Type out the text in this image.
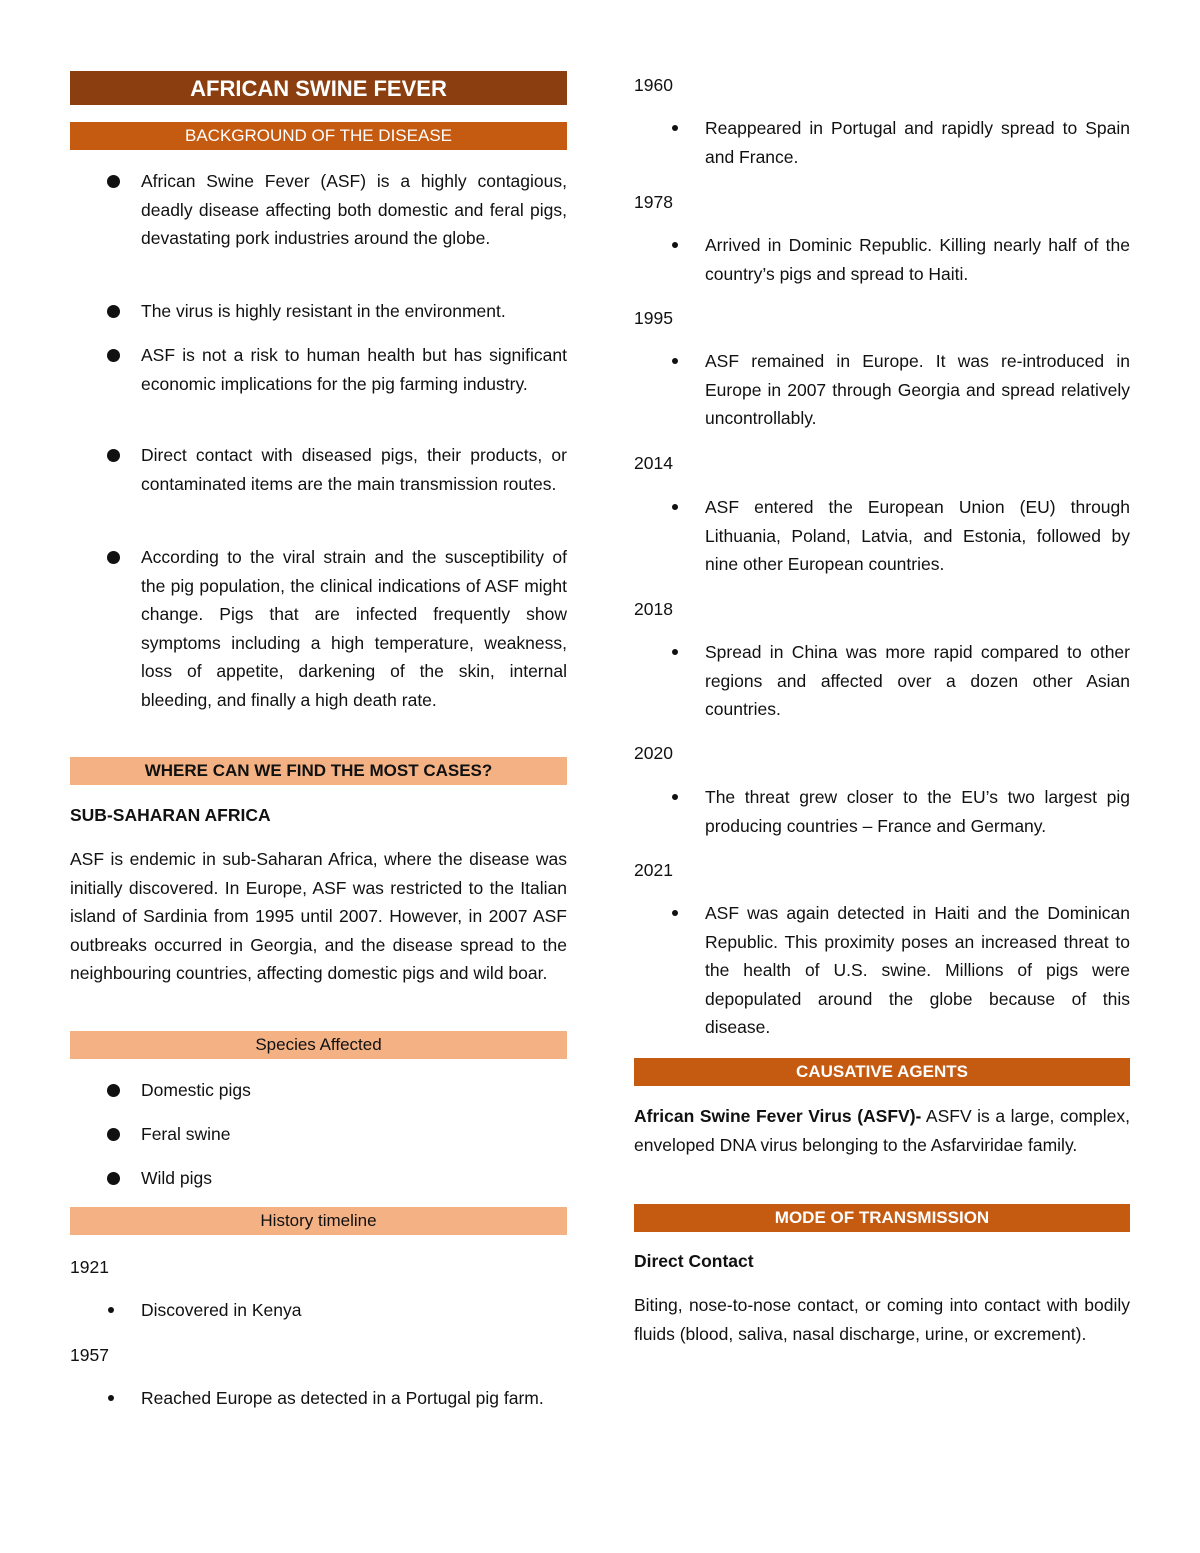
AFRICAN SWINE FEVER
BACKGROUND OF THE DISEASE
African Swine Fever (ASF) is a highly contagious, deadly disease affecting both domestic and feral pigs, devastating pork industries around the globe.
The virus is highly resistant in the environment.
ASF is not a risk to human health but has significant economic implications for the pig farming industry.
Direct contact with diseased pigs, their products, or contaminated items are the main transmission routes.
According to the viral strain and the susceptibility of the pig population, the clinical indications of ASF might change. Pigs that are infected frequently show symptoms including a high temperature, weakness, loss of appetite, darkening of the skin, internal bleeding, and finally a high death rate.
WHERE CAN WE FIND THE MOST CASES?
SUB-SAHARAN AFRICA
ASF is endemic in sub-Saharan Africa, where the disease was initially discovered. In Europe, ASF was restricted to the Italian island of Sardinia from 1995 until 2007. However, in 2007 ASF outbreaks occurred in Georgia, and the disease spread to the neighbouring countries, affecting domestic pigs and wild boar.
Species Affected
Domestic pigs
Feral swine
Wild pigs
History timeline
1921
Discovered in Kenya
1957
Reached Europe as detected in a Portugal pig farm.
1960
Reappeared in Portugal and rapidly spread to Spain and France.
1978
Arrived in Dominic Republic. Killing nearly half of the country’s pigs and spread to Haiti.
1995
ASF remained in Europe. It was re-introduced in Europe in 2007 through Georgia and spread relatively uncontrollably.
2014
ASF entered the European Union (EU) through Lithuania, Poland, Latvia, and Estonia, followed by nine other European countries.
2018
Spread in China was more rapid compared to other regions and affected over a dozen other Asian countries.
2020
The threat grew closer to the EU’s two largest pig producing countries – France and Germany.
2021
ASF was again detected in Haiti and the Dominican Republic. This proximity poses an increased threat to the health of U.S. swine. Millions of pigs were depopulated around the globe because of this disease.
CAUSATIVE AGENTS
African Swine Fever Virus (ASFV)- ASFV is a large, complex, enveloped DNA virus belonging to the Asfarviridae family.
MODE OF TRANSMISSION
Direct Contact
Biting, nose-to-nose contact, or coming into contact with bodily fluids (blood, saliva, nasal discharge, urine, or excrement).
